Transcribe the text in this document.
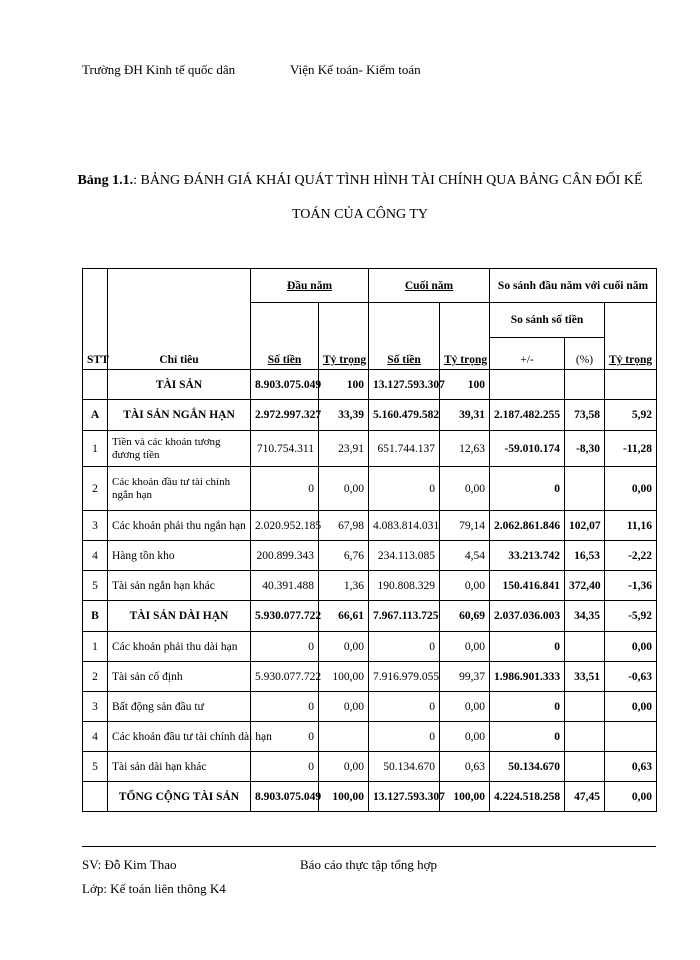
Trường ĐH Kinh tế quốc dân	Viện Kế toán- Kiểm toán
Bảng 1.1.: BẢNG ĐÁNH GIÁ KHÁI QUÁT TÌNH HÌNH TÀI CHÍNH QUA BẢNG CÂN ĐỐI KẾ TOÁN CỦA CÔNG TY
STT	Chỉ tiêu	Đầu năm		Cuối năm		So sánh đầu năm với cuối năm		
		Số tiền	Tỷ trọng	Số tiền	Tỷ trọng	So sánh số tiền		Tỷ trọng
						+/-	(%)	
	TÀI SẢN	8.903.075.049	100	13.127.593.307	100			
A	TÀI SẢN NGẮN HẠN	2.972.997.327	33,39	5.160.479.582	39,31	2.187.482.255	73,58	5,92
1	Tiền và các khoản tương đương tiền	710.754.311	23,91	651.744.137	12,63	-59.010.174	-8,30	-11,28
2	Các khoản đầu tư tài chính ngắn hạn	0	0,00	0	0,00	0		0,00
3	Các khoản phải thu ngắn hạn	2.020.952.185	67,98	4.083.814.031	79,14	2.062.861.846	102,07	11,16
4	Hàng tồn kho	200.899.343	6,76	234.113.085	4,54	33.213.742	16,53	-2,22
5	Tài sản ngắn hạn khác	40.391.488	1,36	190.808.329	0,00	150.416.841	372,40	-1,36
B	TÀI SẢN DÀI HẠN	5.930.077.722	66,61	7.967.113.725	60,69	2.037.036.003	34,35	-5,92
1	Các khoản phải thu dài hạn	0	0,00	0	0,00	0		0,00
2	Tài sản cố định	5.930.077.722	100,00	7.916.979.055	99,37	1.986.901.333	33,51	-0,63
3	Bất động sản đầu tư	0	0,00	0	0,00	0		0,00
4	Các khoản đầu tư tài chính dài hạn	0		0	0,00	0		
5	Tài sản dài hạn khác	0	0,00	50.134.670	0,63	50.134.670		0,63
	TỔNG CỘNG TÀI SẢN	8.903.075.049	100,00	13.127.593.307	100,00	4.224.518.258	47,45	0,00
SV: Đỗ Kim Thao	Báo cáo thực tập tổng hợp
Lớp: Kế toán liên thông K4
